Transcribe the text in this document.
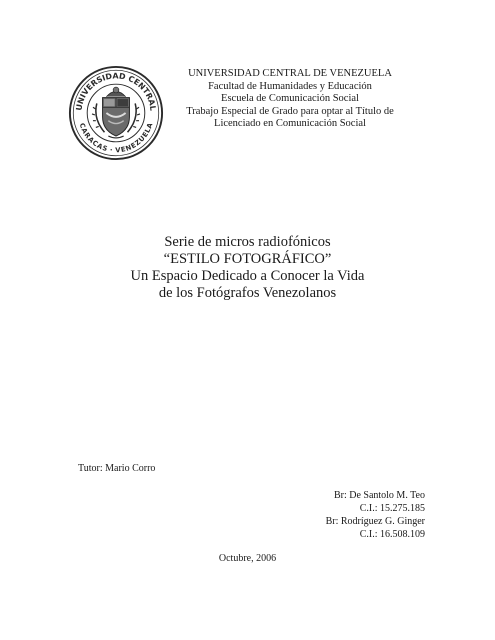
UNIVERSIDAD CENTRAL
CARACAS · VENEZUELA
UNIVERSIDAD CENTRAL DE VENEZUELA
Facultad de Humanidades y Educación
Escuela de Comunicación Social
Trabajo Especial de Grado para optar al Título de
Licenciado en Comunicación Social
Serie de micros radiofónicos
“ESTILO FOTOGRÁFICO”
Un Espacio Dedicado a Conocer la Vida
de los Fotógrafos Venezolanos
Tutor: Mario Corro
Br: De Santolo M. Teo
C.I.: 15.275.185
Br: Rodríguez G. Ginger
C.I.: 16.508.109
Octubre, 2006
